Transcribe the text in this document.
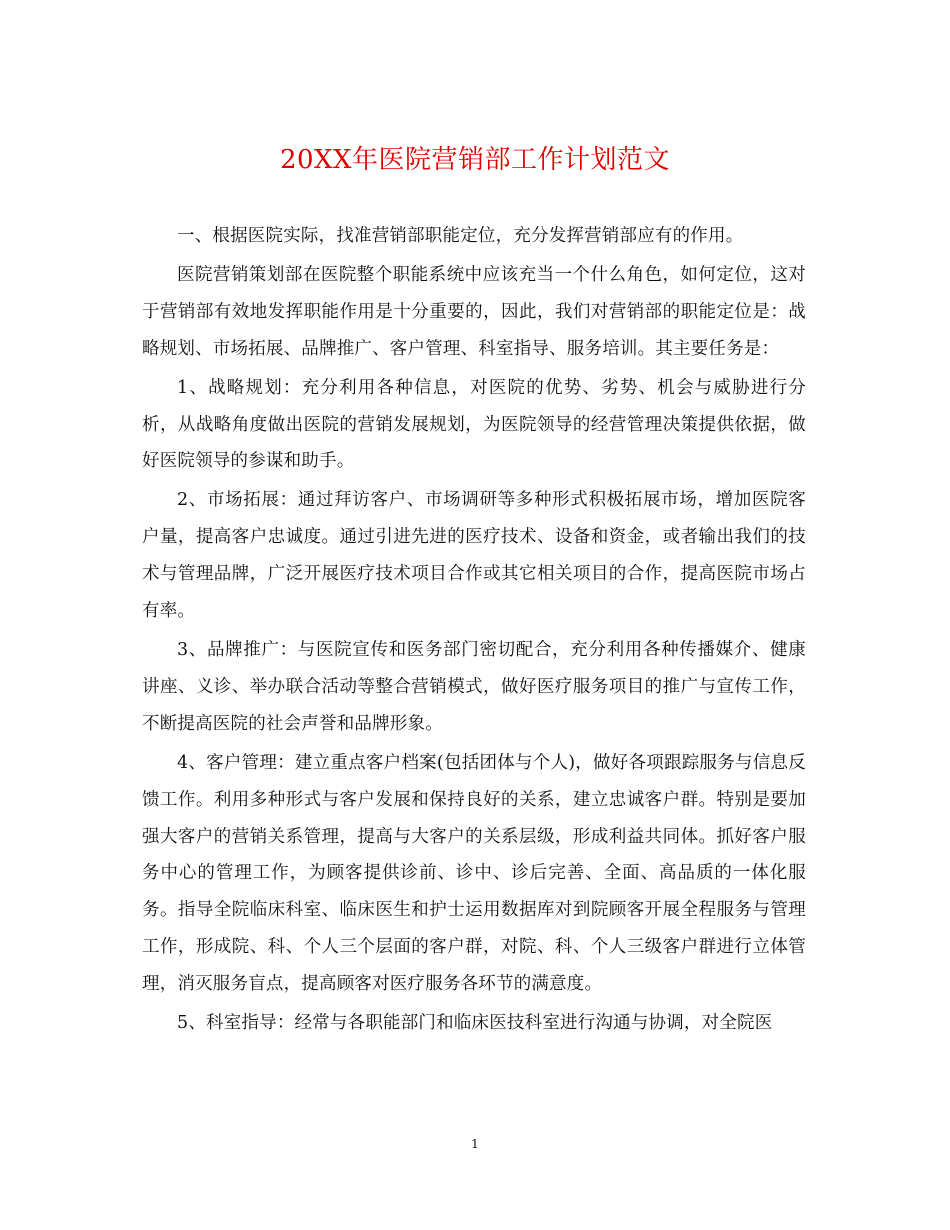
20XX年医院营销部工作计划范文

一、根据医院实际，找准营销部职能定位，充分发挥营销部应有的作用。

医院营销策划部在医院整个职能系统中应该充当一个什么角色，如何定位，这对于营销部有效地发挥职能作用是十分重要的，因此，我们对营销部的职能定位是：战略规划、市场拓展、品牌推广、客户管理、科室指导、服务培训。其主要任务是：

1、战略规划：充分利用各种信息，对医院的优势、劣势、机会与威胁进行分析，从战略角度做出医院的营销发展规划，为医院领导的经营管理决策提供依据，做好医院领导的参谋和助手。

2、市场拓展：通过拜访客户、市场调研等多种形式积极拓展市场，增加医院客户量，提高客户忠诚度。通过引进先进的医疗技术、设备和资金，或者输出我们的技术与管理品牌，广泛开展医疗技术项目合作或其它相关项目的合作，提高医院市场占有率。

3、品牌推广：与医院宣传和医务部门密切配合，充分利用各种传播媒介、健康讲座、义诊、举办联合活动等整合营销模式，做好医疗服务项目的推广与宣传工作，不断提高医院的社会声誉和品牌形象。

4、客户管理：建立重点客户档案(包括团体与个人)，做好各项跟踪服务与信息反馈工作。利用多种形式与客户发展和保持良好的关系，建立忠诚客户群。特别是要加强大客户的营销关系管理，提高与大客户的关系层级，形成利益共同体。抓好客户服务中心的管理工作，为顾客提供诊前、诊中、诊后完善、全面、高品质的一体化服务。指导全院临床科室、临床医生和护士运用数据库对到院顾客开展全程服务与管理工作，形成院、科、个人三个层面的客户群，对院、科、个人三级客户群进行立体管理，消灭服务盲点，提高顾客对医疗服务各环节的满意度。

5、科室指导：经常与各职能部门和临床医技科室进行沟通与协调，对全院医

1
